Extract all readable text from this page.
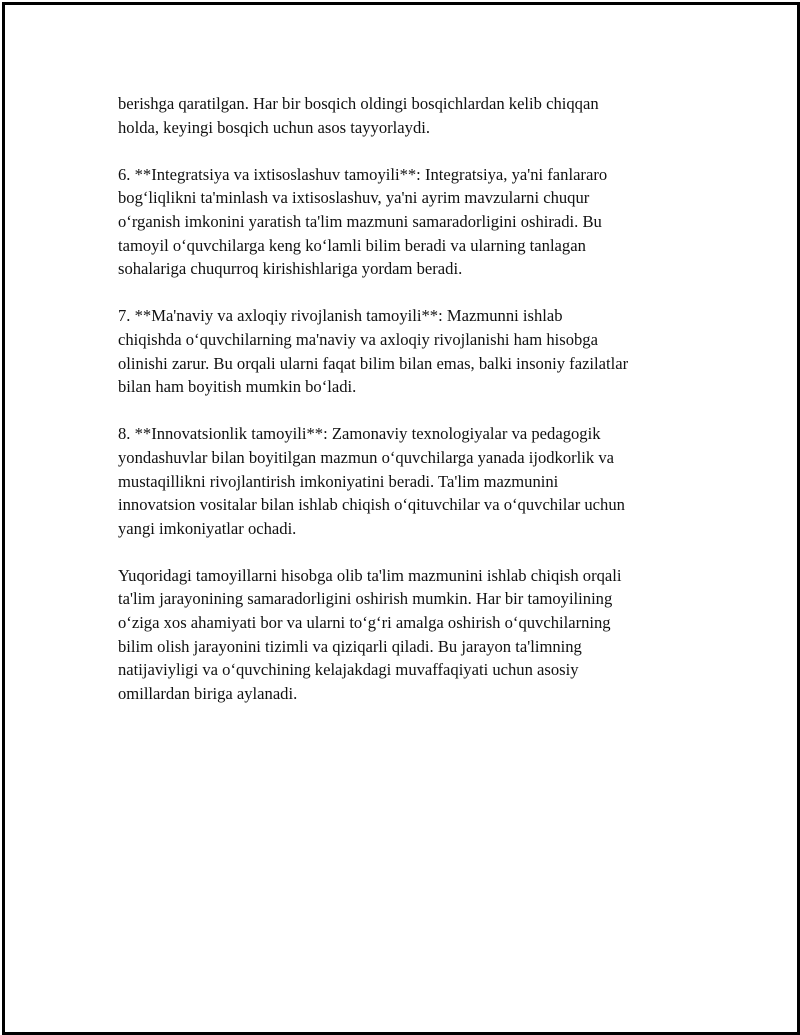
berishga qaratilgan. Har bir bosqich oldingi bosqichlardan kelib chiqqan
holda, keyingi bosqich uchun asos tayyorlaydi.

6. **Integratsiya va ixtisoslashuv tamoyili**: Integratsiya, ya'ni fanlararo
bog‘liqlikni ta'minlash va ixtisoslashuv, ya'ni ayrim mavzularni chuqur
o‘rganish imkonini yaratish ta'lim mazmuni samaradorligini oshiradi. Bu
tamoyil o‘quvchilarga keng ko‘lamli bilim beradi va ularning tanlagan
sohalariga chuqurroq kirishishlariga yordam beradi.

7. **Ma'naviy va axloqiy rivojlanish tamoyili**: Mazmunni ishlab
chiqishda o‘quvchilarning ma'naviy va axloqiy rivojlanishi ham hisobga
olinishi zarur. Bu orqali ularni faqat bilim bilan emas, balki insoniy fazilatlar
bilan ham boyitish mumkin bo‘ladi.

8. **Innovatsionlik tamoyili**: Zamonaviy texnologiyalar va pedagogik
yondashuvlar bilan boyitilgan mazmun o‘quvchilarga yanada ijodkorlik va
mustaqillikni rivojlantirish imkoniyatini beradi. Ta'lim mazmunini
innovatsion vositalar bilan ishlab chiqish o‘qituvchilar va o‘quvchilar uchun
yangi imkoniyatlar ochadi.

Yuqoridagi tamoyillarni hisobga olib ta'lim mazmunini ishlab chiqish orqali
ta'lim jarayonining samaradorligini oshirish mumkin. Har bir tamoyilining
o‘ziga xos ahamiyati bor va ularni to‘g‘ri amalga oshirish o‘quvchilarning
bilim olish jarayonini tizimli va qiziqarli qiladi. Bu jarayon ta'limning
natijaviyligi va o‘quvchining kelajakdagi muvaffaqiyati uchun asosiy
omillardan biriga aylanadi.
